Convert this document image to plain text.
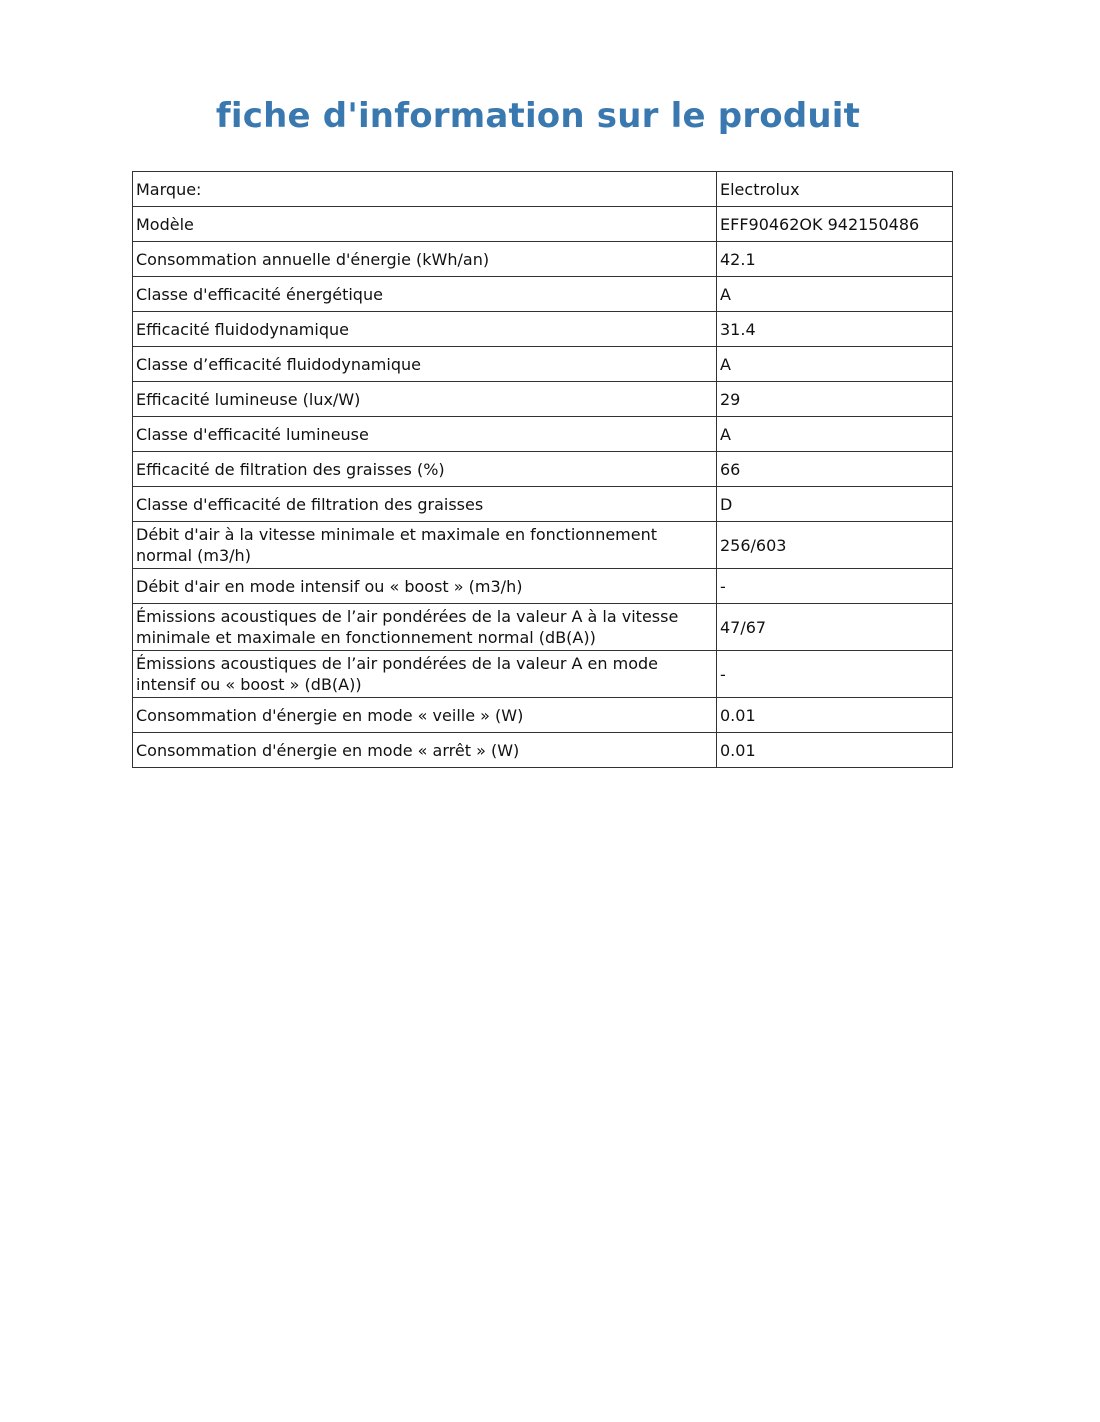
fiche d'information sur le produit
Marque:	Electrolux
Modèle	EFF90462OK 942150486
Consommation annuelle d'énergie (kWh/an)	42.1
Classe d'efficacité énergétique	A
Efficacité fluidodynamique	31.4
Classe d’efficacité fluidodynamique	A
Efficacité lumineuse (lux/W)	29
Classe d'efficacité lumineuse	A
Efficacité de filtration des graisses (%)	66
Classe d'efficacité de filtration des graisses	D
Débit d'air à la vitesse minimale et maximale en fonctionnement normal (m3/h)	256/603
Débit d'air en mode intensif ou « boost » (m3/h)	-
Émissions acoustiques de l’air pondérées de la valeur A à la vitesse minimale et maximale en fonctionnement normal (dB(A))	47/67
Émissions acoustiques de l’air pondérées de la valeur A en mode intensif ou « boost » (dB(A))	-
Consommation d'énergie en mode « veille » (W)	0.01
Consommation d'énergie en mode « arrêt » (W)	0.01
